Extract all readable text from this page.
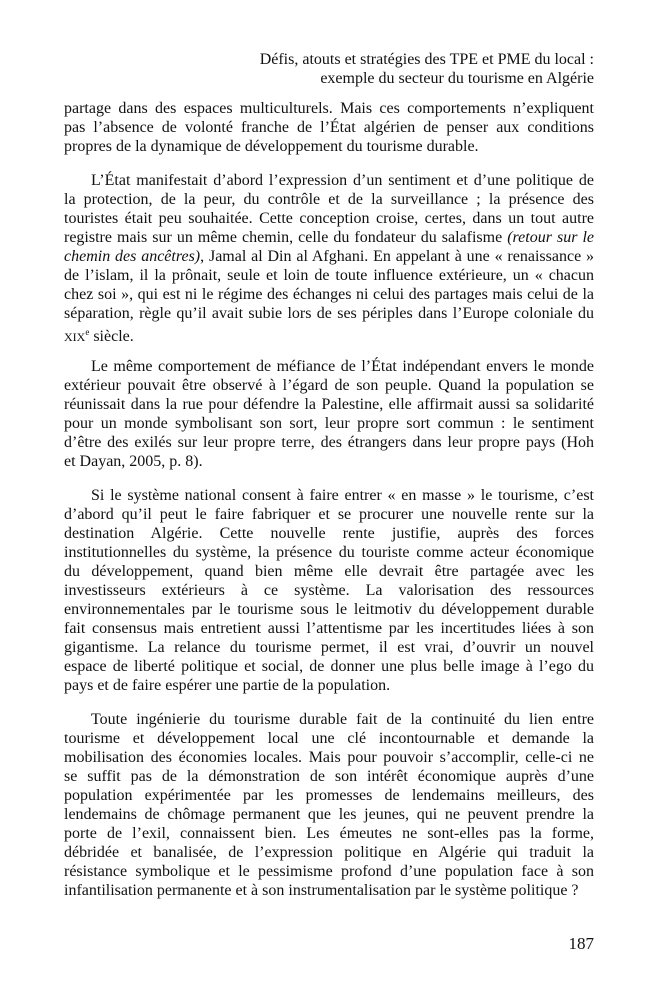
Défis, atouts et stratégies des TPE et PME du local :
exemple du secteur du tourisme en Algérie
partage dans des espaces multiculturels. Mais ces comportements n’expliquent
pas l’absence de volonté franche de l’État algérien de penser aux conditions
propres de la dynamique de développement du tourisme durable.
L’État manifestait d’abord l’expression d’un sentiment et d’une politique de
la protection, de la peur, du contrôle et de la surveillance ; la présence des
touristes était peu souhaitée. Cette conception croise, certes, dans un tout autre
registre mais sur un même chemin, celle du fondateur du salafisme (retour sur le
chemin des ancêtres), Jamal al Din al Afghani. En appelant à une « renaissance »
de l’islam, il la prônait, seule et loin de toute influence extérieure, un « chacun
chez soi », qui est ni le régime des échanges ni celui des partages mais celui de la
séparation, règle qu’il avait subie lors de ses périples dans l’Europe coloniale du
XIXe siècle.
Le même comportement de méfiance de l’État indépendant envers le monde
extérieur pouvait être observé à l’égard de son peuple. Quand la population se
réunissait dans la rue pour défendre la Palestine, elle affirmait aussi sa solidarité
pour un monde symbolisant son sort, leur propre sort commun : le sentiment
d’être des exilés sur leur propre terre, des étrangers dans leur propre pays (Hoh
et Dayan, 2005, p. 8).
Si le système national consent à faire entrer « en masse » le tourisme, c’est
d’abord qu’il peut le faire fabriquer et se procurer une nouvelle rente sur la
destination Algérie. Cette nouvelle rente justifie, auprès des forces
institutionnelles du système, la présence du touriste comme acteur économique
du développement, quand bien même elle devrait être partagée avec les
investisseurs extérieurs à ce système. La valorisation des ressources
environnementales par le tourisme sous le leitmotiv du développement durable
fait consensus mais entretient aussi l’attentisme par les incertitudes liées à son
gigantisme. La relance du tourisme permet, il est vrai, d’ouvrir un nouvel
espace de liberté politique et social, de donner une plus belle image à l’ego du
pays et de faire espérer une partie de la population.
Toute ingénierie du tourisme durable fait de la continuité du lien entre
tourisme et développement local une clé incontournable et demande la
mobilisation des économies locales. Mais pour pouvoir s’accomplir, celle-ci ne
se suffit pas de la démonstration de son intérêt économique auprès d’une
population expérimentée par les promesses de lendemains meilleurs, des
lendemains de chômage permanent que les jeunes, qui ne peuvent prendre la
porte de l’exil, connaissent bien. Les émeutes ne sont-elles pas la forme,
débridée et banalisée, de l’expression politique en Algérie qui traduit la
résistance symbolique et le pessimisme profond d’une population face à son
infantilisation permanente et à son instrumentalisation par le système politique ?
187
